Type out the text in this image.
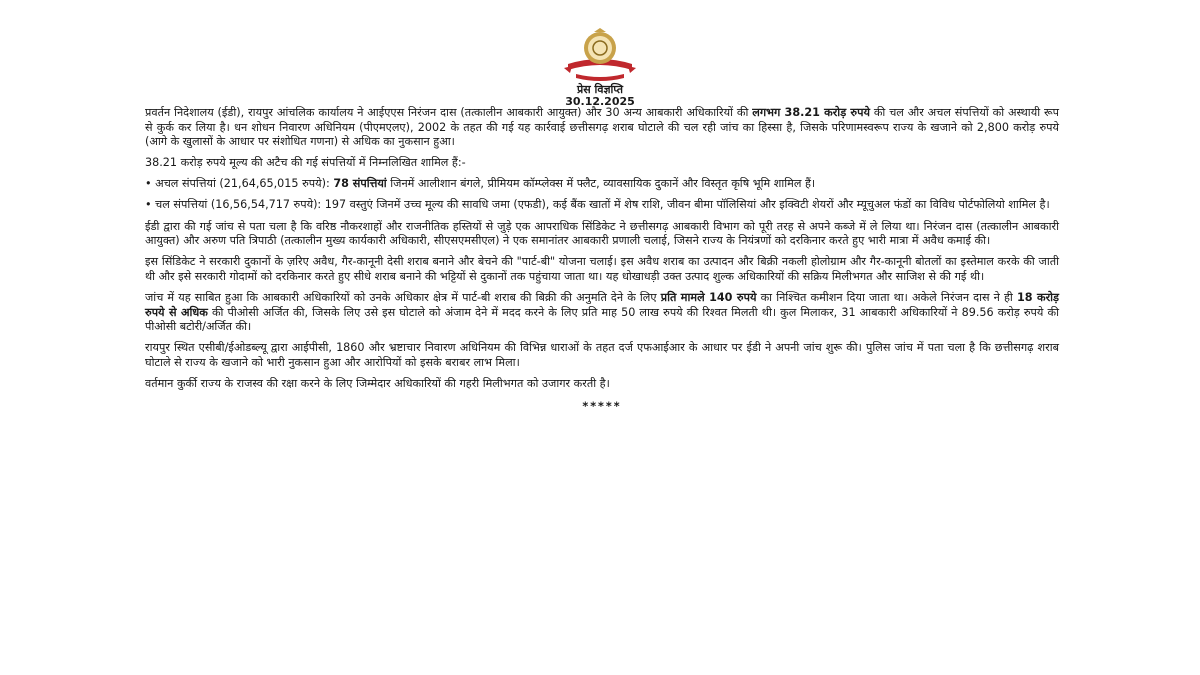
प्रेस विज्ञप्ति
30.12.2025

प्रवर्तन निदेशालय (ईडी), रायपुर आंचलिक कार्यालय ने आईएएस निरंजन दास (तत्कालीन आबकारी आयुक्त) और 30 अन्य आबकारी अधिकारियों की लगभग 38.21 करोड़ रुपये की चल और अचल संपत्तियों को अस्थायी रूप से कुर्क कर लिया है। धन शोधन निवारण अधिनियम (पीएमएलए), 2002 के तहत की गई यह कार्रवाई छत्तीसगढ़ शराब घोटाले की चल रही जांच का हिस्सा है, जिसके परिणामस्वरूप राज्य के खजाने को 2,800 करोड़ रुपये (आगे के खुलासों के आधार पर संशोधित गणना) से अधिक का नुकसान हुआ।

38.21 करोड़ रुपये मूल्य की अटैच की गई संपत्तियों में निम्नलिखित शामिल हैं:-

• अचल संपत्तियां (21,64,65,015 रुपये): 78 संपत्तियां जिनमें आलीशान बंगले, प्रीमियम कॉम्प्लेक्स में फ्लैट, व्यावसायिक दुकानें और विस्तृत कृषि भूमि शामिल हैं।

• चल संपत्तियां (16,56,54,717 रुपये): 197 वस्तुएं जिनमें उच्च मूल्य की सावधि जमा (एफडी), कई बैंक खातों में शेष राशि, जीवन बीमा पॉलिसियां और इक्विटी शेयरों और म्यूचुअल फंडों का विविध पोर्टफोलियो शामिल है।

ईडी द्वारा की गई जांच से पता चला है कि वरिष्ठ नौकरशाहों और राजनीतिक हस्तियों से जुड़े एक आपराधिक सिंडिकेट ने छत्तीसगढ़ आबकारी विभाग को पूरी तरह से अपने कब्जे में ले लिया था। निरंजन दास (तत्कालीन आबकारी आयुक्त) और अरुण पति त्रिपाठी (तत्कालीन मुख्य कार्यकारी अधिकारी, सीएसएमसीएल) ने एक समानांतर आबकारी प्रणाली चलाई, जिसने राज्य के नियंत्रणों को दरकिनार करते हुए भारी मात्रा में अवैध कमाई की।

इस सिंडिकेट ने सरकारी दुकानों के ज़रिए अवैध, गैर-कानूनी देसी शराब बनाने और बेचने की "पार्ट-बी" योजना चलाई। इस अवैध शराब का उत्पादन और बिक्री नकली होलोग्राम और गैर-कानूनी बोतलों का इस्तेमाल करके की जाती थी और इसे सरकारी गोदामों को दरकिनार करते हुए सीधे शराब बनाने की भट्टियों से दुकानों तक पहुंचाया जाता था। यह धोखाधड़ी उक्त उत्पाद शुल्क अधिकारियों की सक्रिय मिलीभगत और साजिश से की गई थी।

जांच में यह साबित हुआ कि आबकारी अधिकारियों को उनके अधिकार क्षेत्र में पार्ट-बी शराब की बिक्री की अनुमति देने के लिए प्रति मामले 140 रुपये का निश्चित कमीशन दिया जाता था। अकेले निरंजन दास ने ही 18 करोड़ रुपये से अधिक की पीओसी अर्जित की, जिसके लिए उसे इस घोटाले को अंजाम देने में मदद करने के लिए प्रति माह 50 लाख रुपये की रिश्वत मिलती थी। कुल मिलाकर, 31 आबकारी अधिकारियों ने 89.56 करोड़ रुपये की पीओसी बटोरी/अर्जित की।

रायपुर स्थित एसीबी/ईओडब्ल्यू द्वारा आईपीसी, 1860 और भ्रष्टाचार निवारण अधिनियम की विभिन्न धाराओं के तहत दर्ज एफआईआर के आधार पर ईडी ने अपनी जांच शुरू की। पुलिस जांच में पता चला है कि छत्तीसगढ़ शराब घोटाले से राज्य के खजाने को भारी नुकसान हुआ और आरोपियों को इसके बराबर लाभ मिला।

वर्तमान कुर्की राज्य के राजस्व की रक्षा करने के लिए जिम्मेदार अधिकारियों की गहरी मिलीभगत को उजागर करती है।

*****
